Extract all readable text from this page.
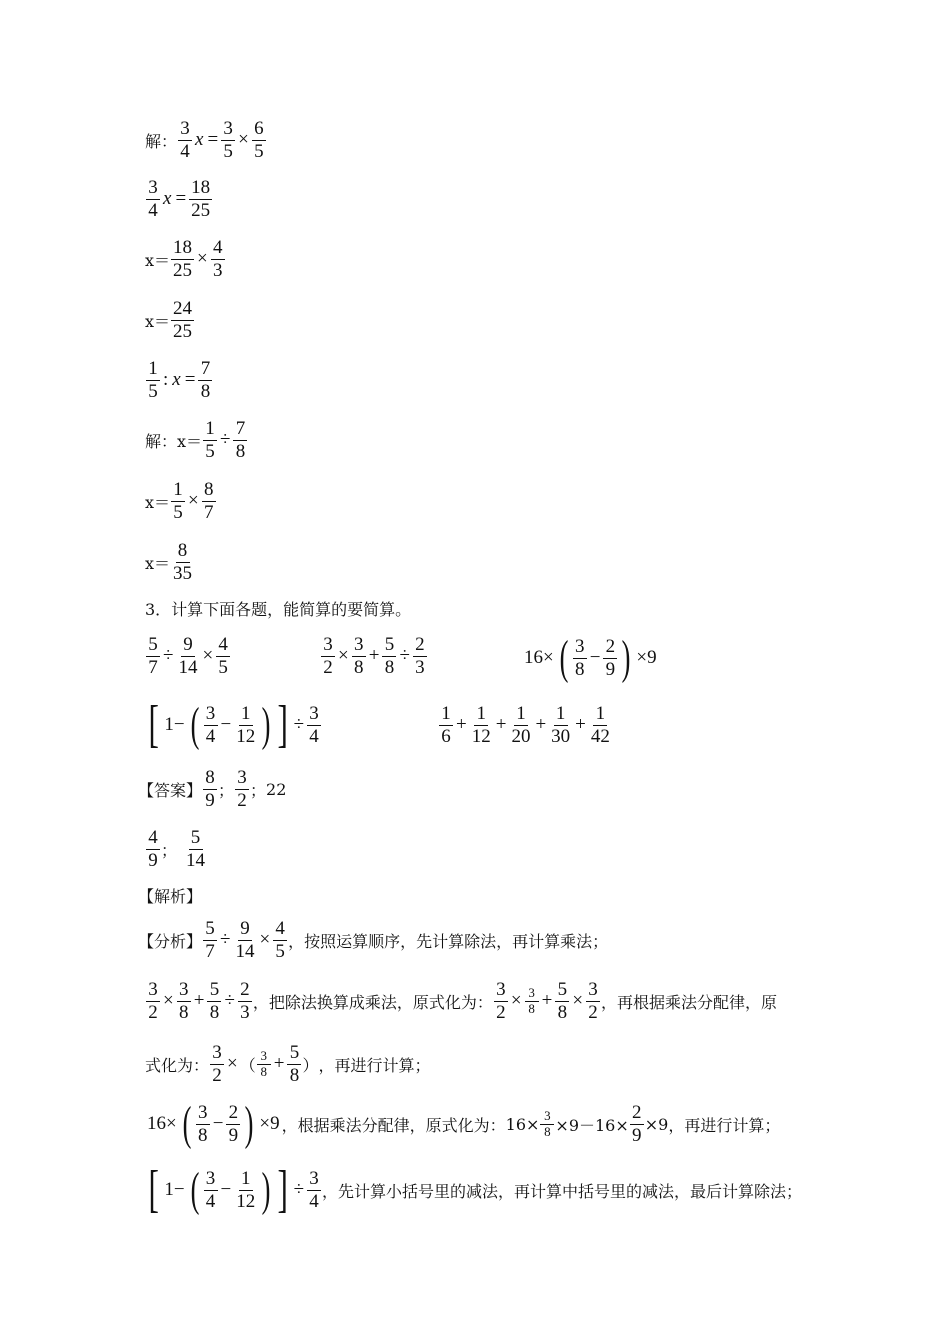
解： $\frac{3}{4}$ $x = \frac{3}{5} \times \frac{6}{5}$
$\frac{3}{4}$ $x = \frac{18}{25}$
$x= \frac{18}{25} \times \frac{4}{3}$
$x= \frac{24}{25}$
$\frac{1}{5}$ : $x = \frac{7}{8}$
解： $x= \frac{1}{5} \div \frac{7}{8}$
$x= \frac{1}{5} \times \frac{8}{7}$
$x= \frac{8}{35}$
3．计算下面各题，能简算的要简算。
$\frac{5}{7} \div \frac{9}{14} \times \frac{4}{5}$	$\frac{3}{2} \times \frac{3}{8} + \frac{5}{8} \div \frac{2}{3}$	16× ( $\frac{3}{8} - \frac{2}{9}$ ) ×9
[ 1− ( $\frac{3}{4} - \frac{1}{12}$ ) ] ÷ $\frac{3}{4}$	$\frac{1}{6} + \frac{1}{12} + \frac{1}{20} + \frac{1}{30} + \frac{1}{42}$
【答案】 $\frac{8}{9}$ ； $\frac{3}{2}$ ； 22
$\frac{4}{9}$ ； $\frac{5}{14}$
【解析】
【分析】 $\frac{5}{7} \div \frac{9}{14} \times \frac{4}{5}$ ，按照运算顺序，先计算除法，再计算乘法；
$\frac{3}{2} \times \frac{3}{8} + \frac{5}{8} \div \frac{2}{3}$ ，把除法换算成乘法，原式化为： $\frac{3}{2} \times \frac{3}{8} + \frac{5}{8} \times \frac{3}{2}$ ，再根据乘法分配律，原
式化为： $\frac{3}{2}$ × （ $\frac{3}{8} + \frac{5}{8}$ ） ，再进行计算；
16× ( $\frac{3}{8} - \frac{2}{9}$ ) ×9 ，根据乘法分配律，原式化为： $16\times \frac{3}{8} \times 9-16\times \frac{2}{9} \times 9$ ，再进行计算；
[ 1− ( $\frac{3}{4} - \frac{1}{12}$ ) ] ÷ $\frac{3}{4}$ ，先计算小括号里的减法，再计算中括号里的减法，最后计算除法；
